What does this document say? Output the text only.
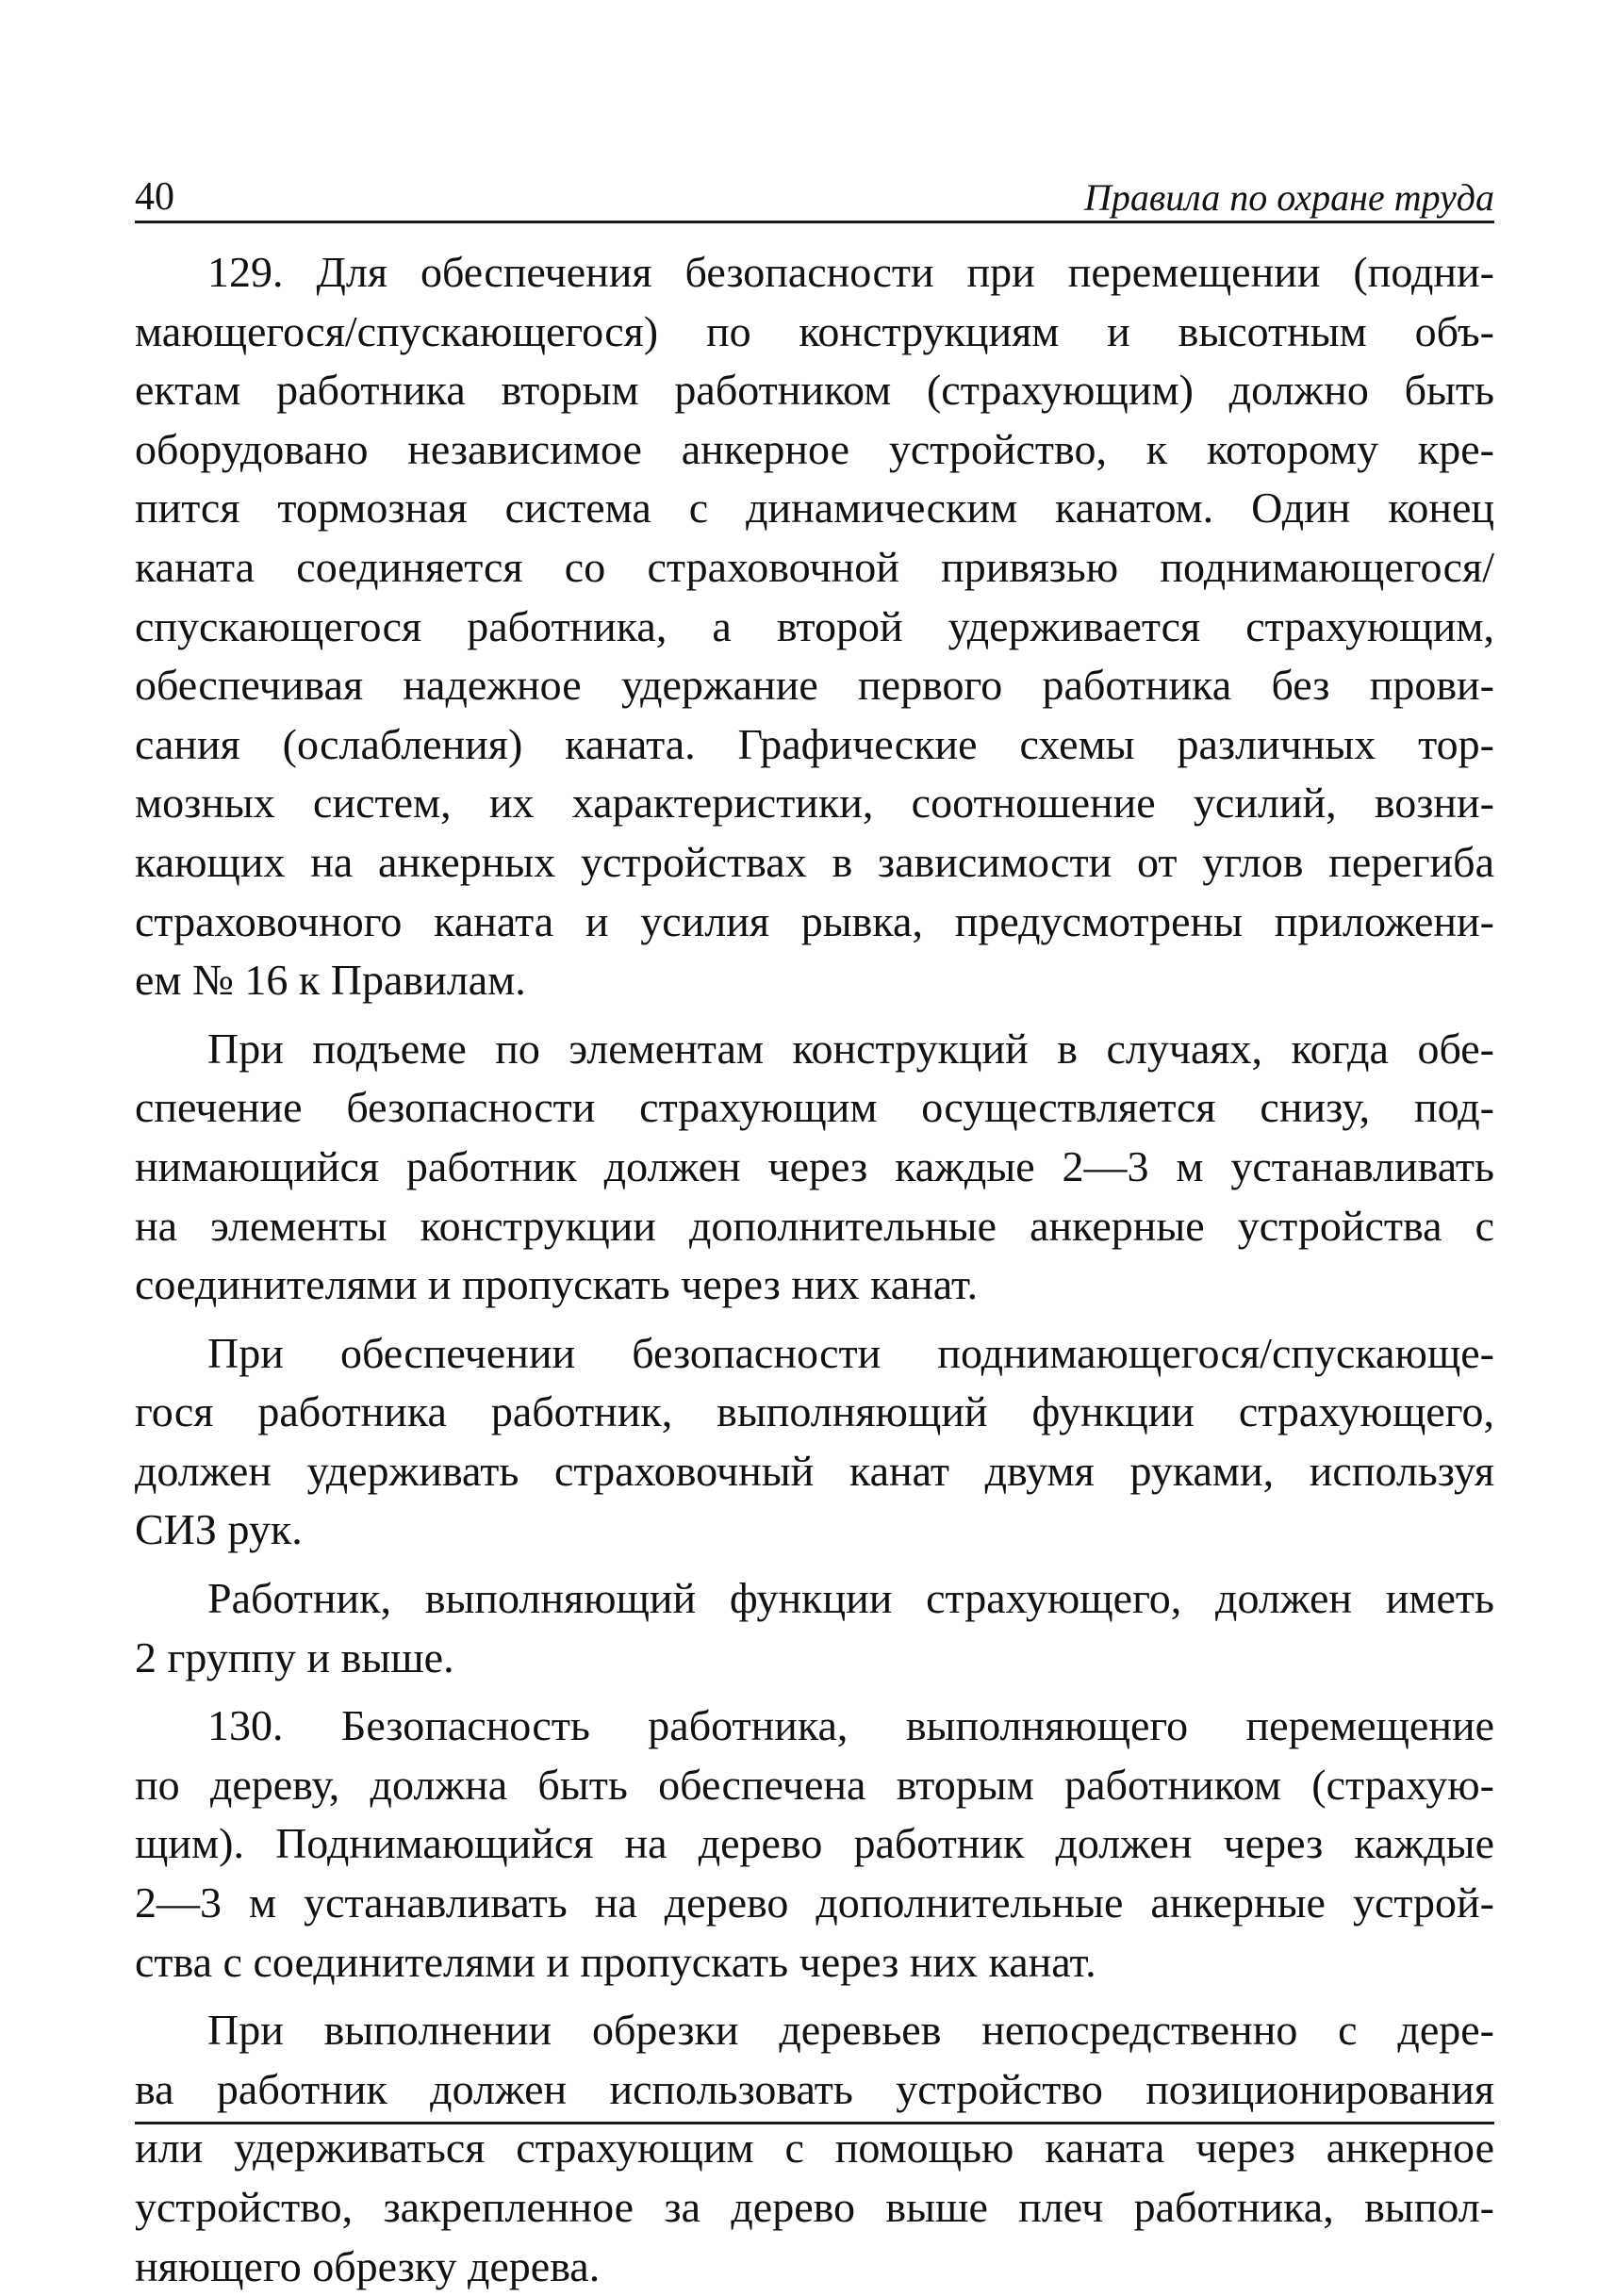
40	Правила по охране труда
129. Для обеспечения безопасности при перемещении (подни-
мающегося/спускающегося) по конструкциям и высотным объ-
ектам работника вторым работником (страхующим) должно быть
оборудовано независимое анкерное устройство, к которому кре-
пится тормозная система с динамическим канатом. Один конец
каната соединяется со страховочной привязью поднимающегося/
спускающегося работника, а второй удерживается страхующим,
обеспечивая надежное удержание первого работника без прови-
сания (ослабления) каната. Графические схемы различных тор-
мозных систем, их характеристики, соотношение усилий, возни-
кающих на анкерных устройствах в зависимости от углов перегиба
страховочного каната и усилия рывка, предусмотрены приложени-
ем № 16 к Правилам.
При подъеме по элементам конструкций в случаях, когда обе-
спечение безопасности страхующим осуществляется снизу, под-
нимающийся работник должен через каждые 2—3 м устанавливать
на элементы конструкции дополнительные анкерные устройства с
соединителями и пропускать через них канат.
При обеспечении безопасности поднимающегося/спускающе-
гося работника работник, выполняющий функции страхующего,
должен удерживать страховочный канат двумя руками, используя
СИЗ рук.
Работник, выполняющий функции страхующего, должен иметь
2 группу и выше.
130. Безопасность работника, выполняющего перемещение
по дереву, должна быть обеспечена вторым работником (страхую-
щим). Поднимающийся на дерево работник должен через каждые
2—3 м устанавливать на дерево дополнительные анкерные устрой-
ства с соединителями и пропускать через них канат.
При выполнении обрезки деревьев непосредственно с дере-
ва работник должен использовать устройство позиционирования
или удерживаться страхующим с помощью каната через анкерное
устройство, закрепленное за дерево выше плеч работника, выпол-
няющего обрезку дерева.
